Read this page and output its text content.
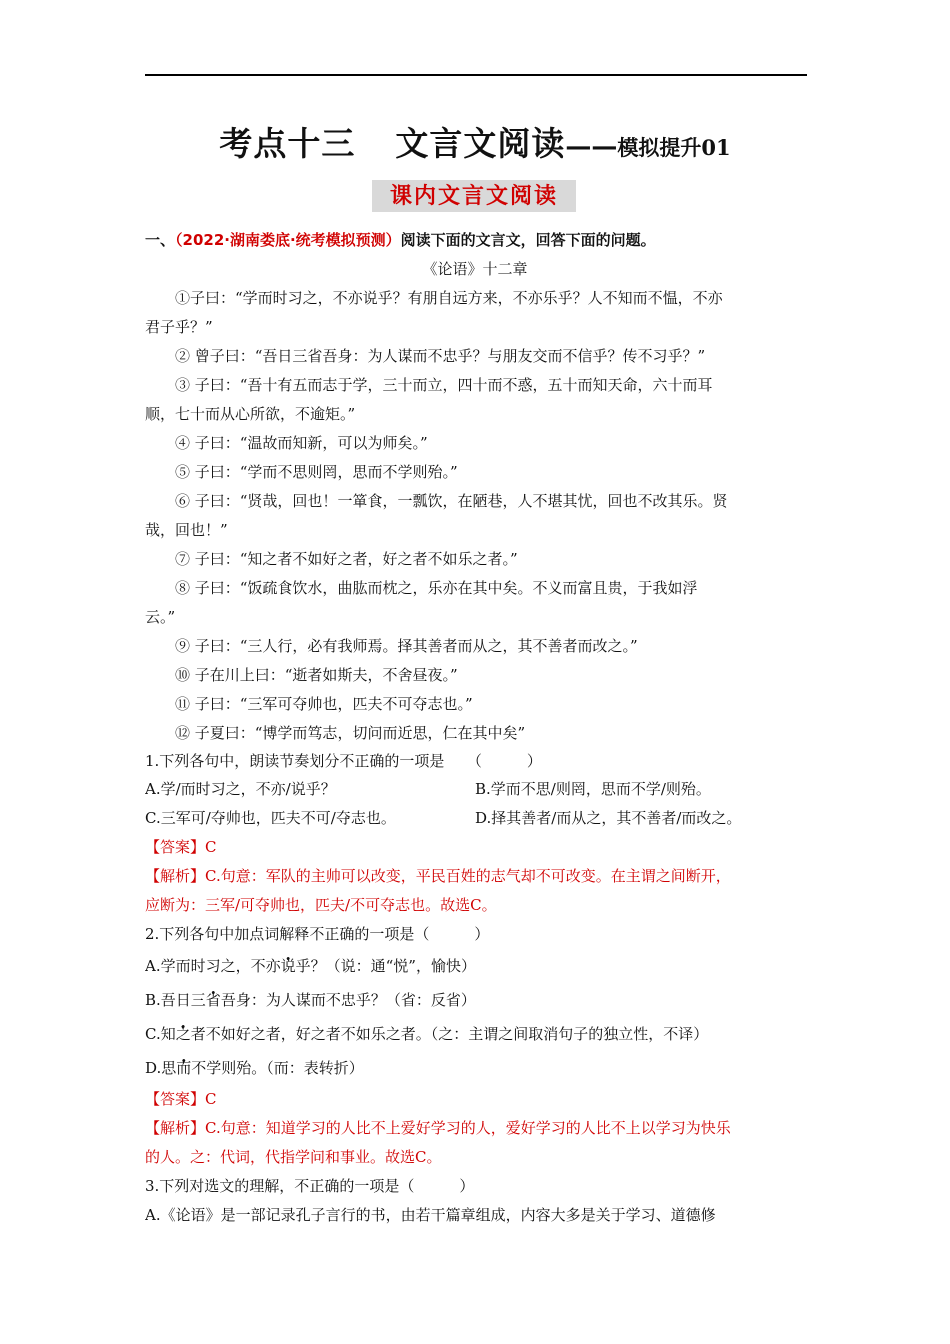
考点十三 文言文阅读——模拟提升01
课内文言文阅读
一、（2022·湖南娄底·统考模拟预测）阅读下面的文言文，回答下面的问题。
《论语》十二章
①子曰：“学而时习之，不亦说乎？有朋自远方来，不亦乐乎？人不知而不愠，不亦
君子乎？”
② 曾子曰：“吾日三省吾身：为人谋而不忠乎？与朋友交而不信乎？传不习乎？”
③ 子曰：“吾十有五而志于学，三十而立，四十而不惑，五十而知天命，六十而耳
顺，七十而从心所欲，不逾矩。”
④ 子曰：“温故而知新，可以为师矣。”
⑤ 子曰：“学而不思则罔，思而不学则殆。”
⑥ 子曰：“贤哉，回也！一箪食，一瓢饮，在陋巷，人不堪其忧，回也不改其乐。贤
哉，回也！”
⑦ 子曰：“知之者不如好之者，好之者不如乐之者。”
⑧ 子曰：“饭疏食饮水，曲肱而枕之，乐亦在其中矣。不义而富且贵，于我如浮
云。”
⑨ 子曰：“三人行，必有我师焉。择其善者而从之，其不善者而改之。”
⑩ 子在川上曰：“逝者如斯夫，不舍昼夜。”
⑪ 子曰：“三军可夺帅也，匹夫不可夺志也。”
⑫ 子夏曰：“博学而笃志，切问而近思，仁在其中矣”
1.下列各句中，朗读节奏划分不正确的一项是　　（　　　）
A.学/而时习之，不亦/说乎？	B.学而不思/则罔，思而不学/则殆。
C.三军可/夺帅也，匹夫不可/夺志也。	D.择其善者/而从之，其不善者/而改之。
【答案】C
【解析】C.句意：军队的主帅可以改变，平民百姓的志气却不可改变。在主谓之间断开，
应断为：三军/可夺帅也，匹夫/不可夺志也。故选C。
2.下列各句中加点词解释不正确的一项是（　　　）
A.学而时习之，不亦说乎？（说：通“悦”，愉快）
B.吾日三省吾身：为人谋而不忠乎？（省：反省）
C.知之者不如好之者，好之者不如乐之者。（之：主谓之间取消句子的独立性，不译）
D.思而不学则殆。（而：表转折）
【答案】C
【解析】C.句意：知道学习的人比不上爱好学习的人，爱好学习的人比不上以学习为快乐
的人。之：代词，代指学问和事业。故选C。
3.下列对选文的理解，不正确的一项是（　　　）
A.《论语》是一部记录孔子言行的书，由若干篇章组成，内容大多是关于学习、道德修
